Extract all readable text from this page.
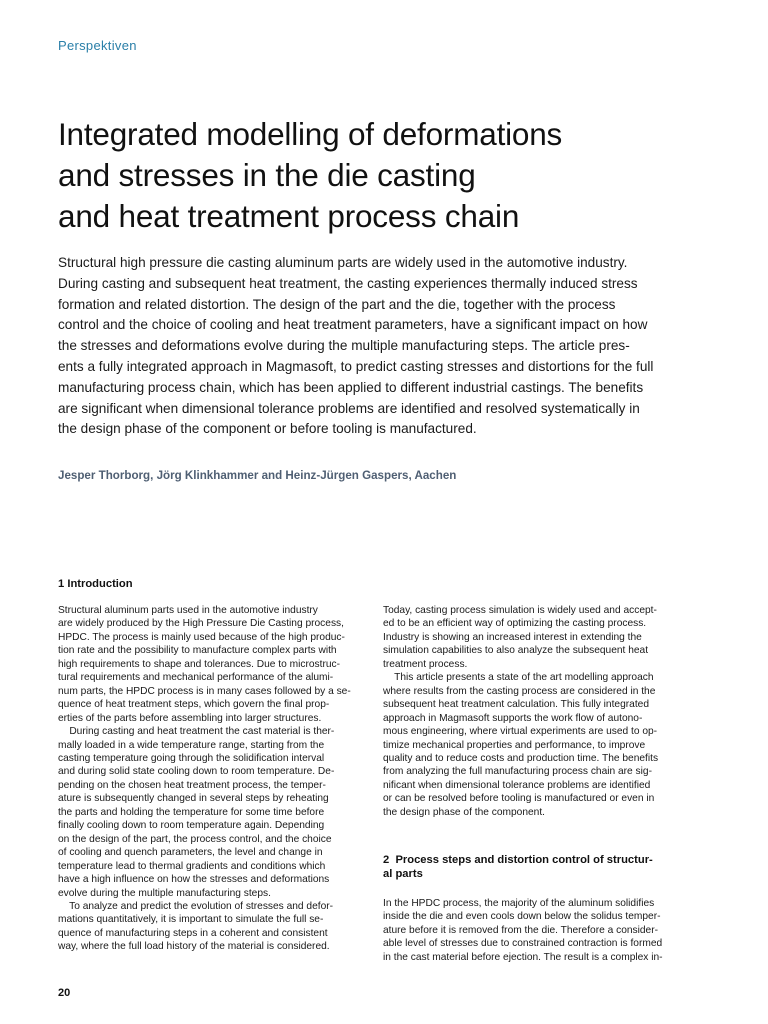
Perspektiven
Integrated modelling of deformations
and stresses in the die casting
and heat treatment process chain
Structural high pressure die casting aluminum parts are widely used in the automotive industry.
During casting and subsequent heat treatment, the casting experiences thermally induced stress
formation and related distortion. The design of the part and the die, together with the process
control and the choice of cooling and heat treatment parameters, have a significant impact on how
the stresses and deformations evolve during the multiple manufacturing steps. The article pres-
ents a fully integrated approach in Magmasoft, to predict casting stresses and distortions for the full
manufacturing process chain, which has been applied to different industrial castings. The benefits
are significant when dimensional tolerance problems are identified and resolved systematically in
the design phase of the component or before tooling is manufactured.
Jesper Thorborg, Jörg Klinkhammer and Heinz-Jürgen Gaspers, Aachen
1 Introduction
Structural aluminum parts used in the automotive industry
are widely produced by the High Pressure Die Casting process,
HPDC. The process is mainly used because of the high produc-
tion rate and the possibility to manufacture complex parts with
high requirements to shape and tolerances. Due to microstruc-
tural requirements and mechanical performance of the alumi-
num parts, the HPDC process is in many cases followed by a se-
quence of heat treatment steps, which govern the final prop-
erties of the parts before assembling into larger structures.
During casting and heat treatment the cast material is ther-
mally loaded in a wide temperature range, starting from the
casting temperature going through the solidification interval
and during solid state cooling down to room temperature. De-
pending on the chosen heat treatment process, the temper-
ature is subsequently changed in several steps by reheating
the parts and holding the temperature for some time before
finally cooling down to room temperature again. Depending
on the design of the part, the process control, and the choice
of cooling and quench parameters, the level and change in
temperature lead to thermal gradients and conditions which
have a high influence on how the stresses and deformations
evolve during the multiple manufacturing steps.
To analyze and predict the evolution of stresses and defor-
mations quantitatively, it is important to simulate the full se-
quence of manufacturing steps in a coherent and consistent
way, where the full load history of the material is considered.
Today, casting process simulation is widely used and accept-
ed to be an efficient way of optimizing the casting process.
Industry is showing an increased interest in extending the
simulation capabilities to also analyze the subsequent heat
treatment process.
This article presents a state of the art modelling approach
where results from the casting process are considered in the
subsequent heat treatment calculation. This fully integrated
approach in Magmasoft supports the work flow of autono-
mous engineering, where virtual experiments are used to op-
timize mechanical properties and performance, to improve
quality and to reduce costs and production time. The benefits
from analyzing the full manufacturing process chain are sig-
nificant when dimensional tolerance problems are identified
or can be resolved before tooling is manufactured or even in
the design phase of the component.
2  Process steps and distortion control of structur-
al parts
In the HPDC process, the majority of the aluminum solidifies
inside the die and even cools down below the solidus temper-
ature before it is removed from the die. Therefore a consider-
able level of stresses due to constrained contraction is formed
in the cast material before ejection. The result is a complex in-
20
